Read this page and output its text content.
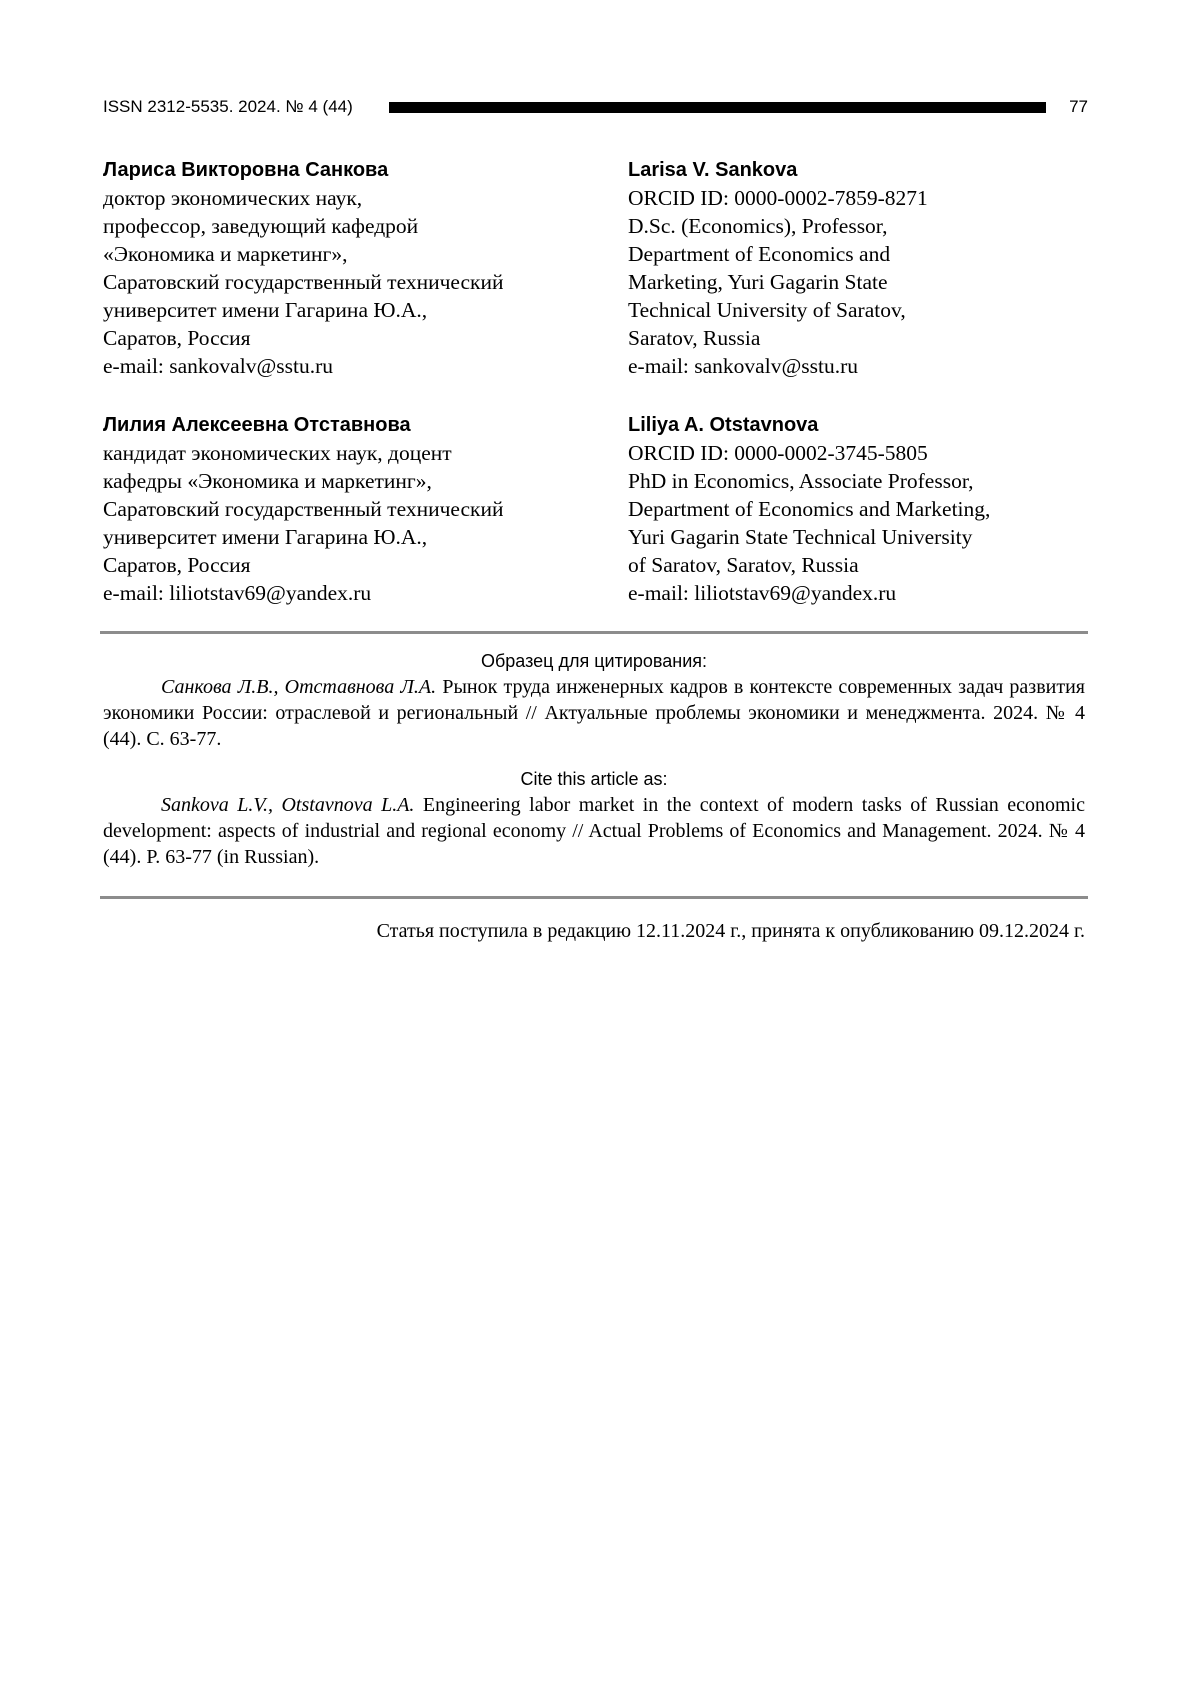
ISSN 2312-5535. 2024. № 4 (44)	77

Лариса Викторовна Санкова

доктор экономических наук,

профессор, заведующий кафедрой

«Экономика и маркетинг»,

Саратовский государственный технический

университет имени Гагарина Ю.А.,

Саратов, Россия

e-mail: sankovalv@sstu.ru

Larisa V. Sankova

ORCID ID: 0000-0002-7859-8271

D.Sc. (Economics), Professor,

Department of Economics and

Marketing, Yuri Gagarin State

Technical University of Saratov,

Saratov, Russia

e-mail: sankovalv@sstu.ru

Лилия Алексеевна Отставнова

кандидат экономических наук, доцент

кафедры «Экономика и маркетинг»,

Саратовский государственный технический

университет имени Гагарина Ю.А.,

Саратов, Россия

e-mail: liliotstav69@yandex.ru

Liliya A. Otstavnova

ORCID ID: 0000-0002-3745-5805

PhD in Economics, Associate Professor,

Department of Economics and Marketing,

Yuri Gagarin State Technical University

of Saratov, Saratov, Russia

e-mail: liliotstav69@yandex.ru

Образец для цитирования:
Санкова Л.В., Отставнова Л.А. Рынок труда инженерных кадров в контексте современных задач развития экономики России: отраслевой и региональный // Актуальные проблемы экономики и менеджмента. 2024. № 4 (44). С. 63-77.
Cite this article as:
Sankova L.V., Otstavnova L.A. Engineering labor market in the context of modern tasks of Russian economic development: aspects of industrial and regional economy // Actual Problems of Economics and Management. 2024. № 4 (44). P. 63-77 (in Russian).
Статья поступила в редакцию 12.11.2024 г., принята к опубликованию 09.12.2024 г.
